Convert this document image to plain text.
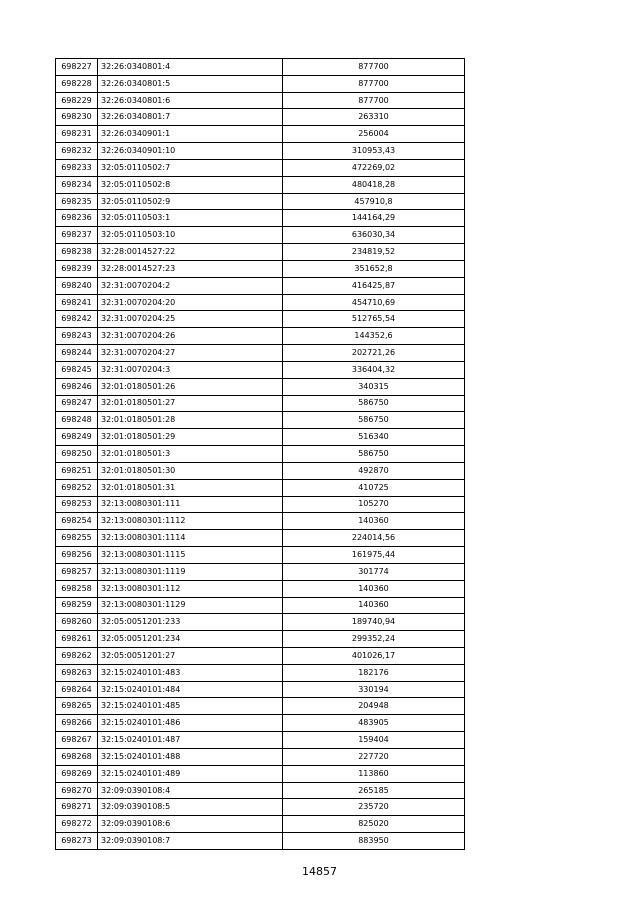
698227	32:26:0340801:4	877700
698228	32:26:0340801:5	877700
698229	32:26:0340801:6	877700
698230	32:26:0340801:7	263310
698231	32:26:0340901:1	256004
698232	32:26:0340901:10	310953,43
698233	32:05:0110502:7	472269,02
698234	32:05:0110502:8	480418,28
698235	32:05:0110502:9	457910,8
698236	32:05:0110503:1	144164,29
698237	32:05:0110503:10	636030,34
698238	32:28:0014527:22	234819,52
698239	32:28:0014527:23	351652,8
698240	32:31:0070204:2	416425,87
698241	32:31:0070204:20	454710,69
698242	32:31:0070204:25	512765,54
698243	32:31:0070204:26	144352,6
698244	32:31:0070204:27	202721,26
698245	32:31:0070204:3	336404,32
698246	32:01:0180501:26	340315
698247	32:01:0180501:27	586750
698248	32:01:0180501:28	586750
698249	32:01:0180501:29	516340
698250	32:01:0180501:3	586750
698251	32:01:0180501:30	492870
698252	32:01:0180501:31	410725
698253	32:13:0080301:111	105270
698254	32:13:0080301:1112	140360
698255	32:13:0080301:1114	224014,56
698256	32:13:0080301:1115	161975,44
698257	32:13:0080301:1119	301774
698258	32:13:0080301:112	140360
698259	32:13:0080301:1129	140360
698260	32:05:0051201:233	189740,94
698261	32:05:0051201:234	299352,24
698262	32:05:0051201:27	401026,17
698263	32:15:0240101:483	182176
698264	32:15:0240101:484	330194
698265	32:15:0240101:485	204948
698266	32:15:0240101:486	483905
698267	32:15:0240101:487	159404
698268	32:15:0240101:488	227720
698269	32:15:0240101:489	113860
698270	32:09:0390108:4	265185
698271	32:09:0390108:5	235720
698272	32:09:0390108:6	825020
698273	32:09:0390108:7	883950
14857
